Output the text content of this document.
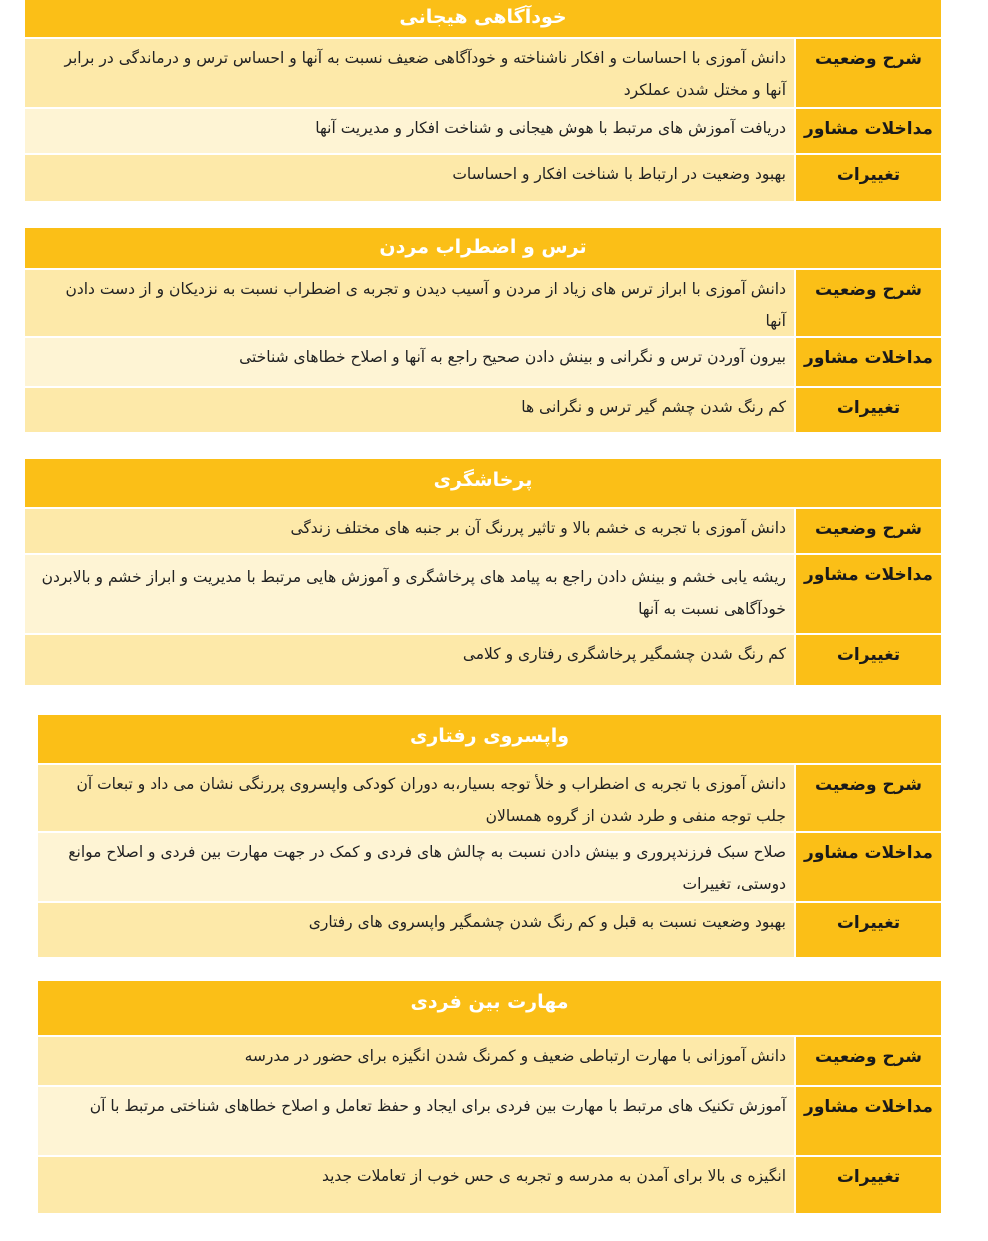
خودآگاهی هیجانی
شرح وضعیت
دانش آموزی با احساسات و افکار ناشناخته و خودآگاهی ضعیف نسبت به آنها و احساس ترس و درماندگی در برابر آنها و مختل شدن عملکرد
مداخلات مشاور
دریافت آموزش های مرتبط با هوش هیجانی و شناخت افکار و مدیریت آنها
تغییرات
بهبود وضعیت در ارتباط با شناخت افکار و احساسات
ترس و اضطراب مردن
شرح وضعیت
دانش آموزی با ابراز ترس های زیاد از مردن و آسیب دیدن و تجربه ی اضطراب نسبت به نزدیکان و از دست دادن آنها
مداخلات مشاور
بیرون آوردن ترس و نگرانی و بینش دادن صحیح راجع به آنها و اصلاح خطاهای شناختی
تغییرات
کم رنگ شدن چشم گیر ترس و نگرانی ها
پرخاشگری
شرح وضعیت
دانش آموزی با تجربه ی خشم بالا و تاثیر پررنگ آن بر جنبه های مختلف زندگی
مداخلات مشاور
ریشه یابی خشم و بینش دادن راجع به پیامد های پرخاشگری و آموزش هایی مرتبط با مدیریت و ابراز خشم و بالابردن خودآگاهی نسبت به آنها
تغییرات
کم رنگ شدن چشمگیر پرخاشگری رفتاری و کلامی
واپسروی رفتاری
شرح وضعیت
دانش آموزی با تجربه ی اضطراب و خلأ توجه بسیار،به دوران کودکی واپسروی پررنگی نشان می داد و تبعات آن جلب توجه منفی و طرد شدن از گروه همسالان
مداخلات مشاور
صلاح سبک فرزندپروری و بینش دادن نسبت به چالش های فردی و کمک در جهت مهارت بین فردی و اصلاح موانع دوستی، تغییرات
تغییرات
بهبود وضعیت نسبت به قبل و کم رنگ شدن چشمگیر واپسروی های رفتاری
مهارت بین فردی
شرح وضعیت
دانش آموزانی با مهارت ارتباطی ضعیف و کمرنگ شدن انگیزه برای حضور در مدرسه
مداخلات مشاور
آموزش تکنیک های مرتبط با مهارت بین فردی برای ایجاد و حفظ تعامل و اصلاح خطاهای شناختی مرتبط با آن
تغییرات
انگیزه ی بالا برای آمدن به مدرسه و تجربه ی حس خوب از تعاملات جدید
